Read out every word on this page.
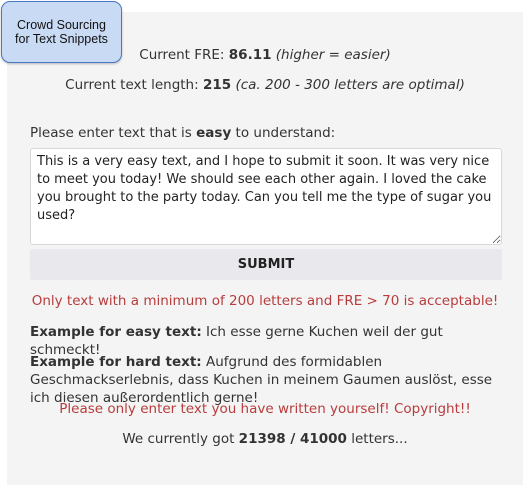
Crowd Sourcing
for Text Snippets
Current FRE: 86.11 (higher = easier)
Current text length: 215 (ca. 200 - 300 letters are optimal)
Please enter text that is easy to understand:
This is a very easy text, and I hope to submit it soon. It was very nice to meet you today! We should see each other again. I loved the cake you brought to the party today. Can you tell me the type of sugar you used?
SUBMIT
Only text with a minimum of 200 letters and FRE > 70 is acceptable!
Example for easy text: Ich esse gerne Kuchen weil der gut schmeckt!
Example for hard text: Aufgrund des formidablen Geschmackserlebnis, dass Kuchen in meinem Gaumen auslöst, esse ich diesen außerordentlich gerne!
Please only enter text you have written yourself! Copyright!!
We currently got 21398 / 41000 letters...
